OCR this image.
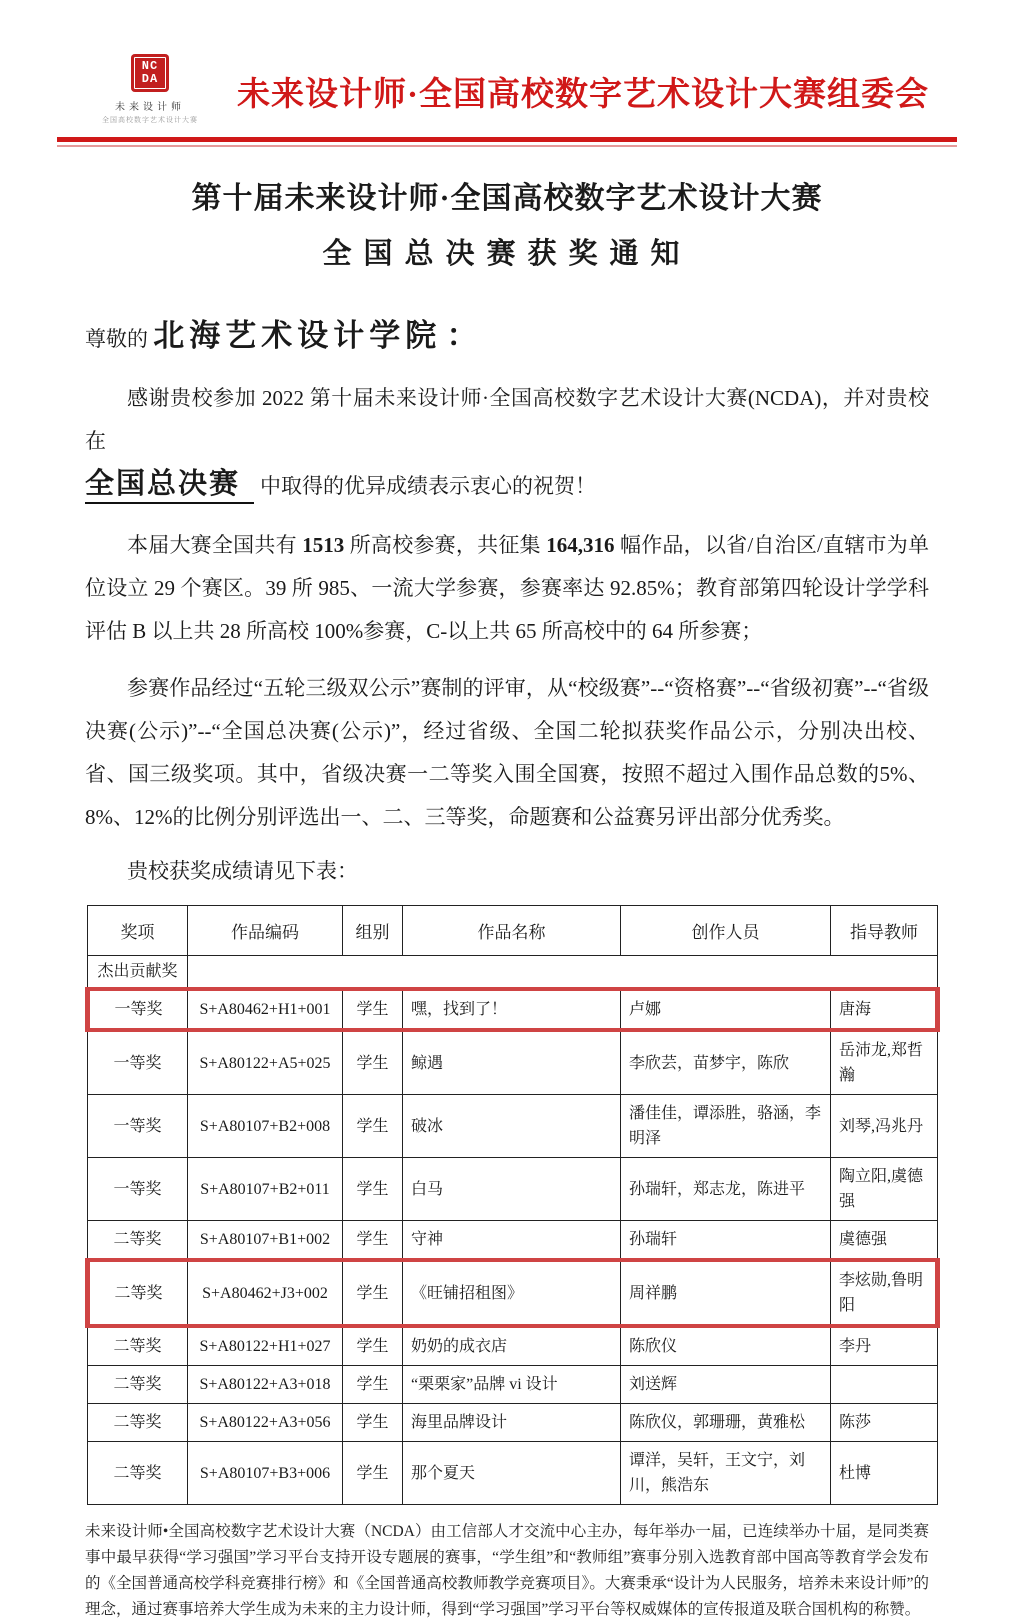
NC
DA
未来设计师
全国高校数字艺术设计大赛
未来设计师·全国高校数字艺术设计大赛组委会
第十届未来设计师·全国高校数字艺术设计大赛
全国总决赛获奖通知
尊敬的 北海艺术设计学院 ：
感谢贵校参加 2022 第十届未来设计师·全国高校数字艺术设计大赛(NCDA)，并对贵校在
全国总决赛 中取得的优异成绩表示衷心的祝贺！
本届大赛全国共有 1513 所高校参赛，共征集 164,316 幅作品，以省/自治区/直辖市为单位设立 29 个赛区。39 所 985、一流大学参赛，参赛率达 92.85%；教育部第四轮设计学学科评估 B 以上共 28 所高校 100%参赛，C-以上共 65 所高校中的 64 所参赛；
参赛作品经过“五轮三级双公示”赛制的评审，从“校级赛”--“资格赛”--“省级初赛”--“省级决赛(公示)”--“全国总决赛(公示)”，经过省级、全国二轮拟获奖作品公示，分别决出校、省、国三级奖项。其中，省级决赛一二等奖入围全国赛，按照不超过入围作品总数的5%、8%、12%的比例分别评选出一、二、三等奖，命题赛和公益赛另评出部分优秀奖。
贵校获奖成绩请见下表：
奖项	作品编码	组别	作品名称	创作人员	指导教师
杰出贡献奖					
一等奖	S+A80462+H1+001	学生	嘿，找到了！	卢娜	唐海
一等奖	S+A80122+A5+025	学生	鲸遇	李欣芸，苗梦宇，陈欣	岳沛龙,郑哲瀚
一等奖	S+A80107+B2+008	学生	破冰	潘佳佳，谭添胜，骆涵，李明泽	刘琴,冯兆丹
一等奖	S+A80107+B2+011	学生	白马	孙瑞轩，郑志龙，陈进平	陶立阳,虞德强
二等奖	S+A80107+B1+002	学生	守神	孙瑞轩	虞德强
二等奖	S+A80462+J3+002	学生	《旺铺招租图》	周祥鹏	李炫勋,鲁明阳
二等奖	S+A80122+H1+027	学生	奶奶的成衣店	陈欣仪	李丹
二等奖	S+A80122+A3+018	学生	“栗栗家”品牌 vi 设计	刘送辉	
二等奖	S+A80122+A3+056	学生	海里品牌设计	陈欣仪，郭珊珊，黄雅松	陈莎
二等奖	S+A80107+B3+006	学生	那个夏天	谭洋，吴轩，王文宁，刘川，熊浩东	杜博
未来设计师•全国高校数字艺术设计大赛（NCDA）由工信部人才交流中心主办，每年举办一届，已连续举办十届，是同类赛事中最早获得“学习强国”学习平台支持开设专题展的赛事，“学生组”和“教师组”赛事分别入选教育部中国高等教育学会发布的《全国普通高校学科竞赛排行榜》和《全国普通高校教师教学竞赛项目》。大赛秉承“设计为人民服务，培养未来设计师”的理念，通过赛事培养大学生成为未来的主力设计师，得到“学习强国”学习平台等权威媒体的宣传报道及联合国机构的称赞。
